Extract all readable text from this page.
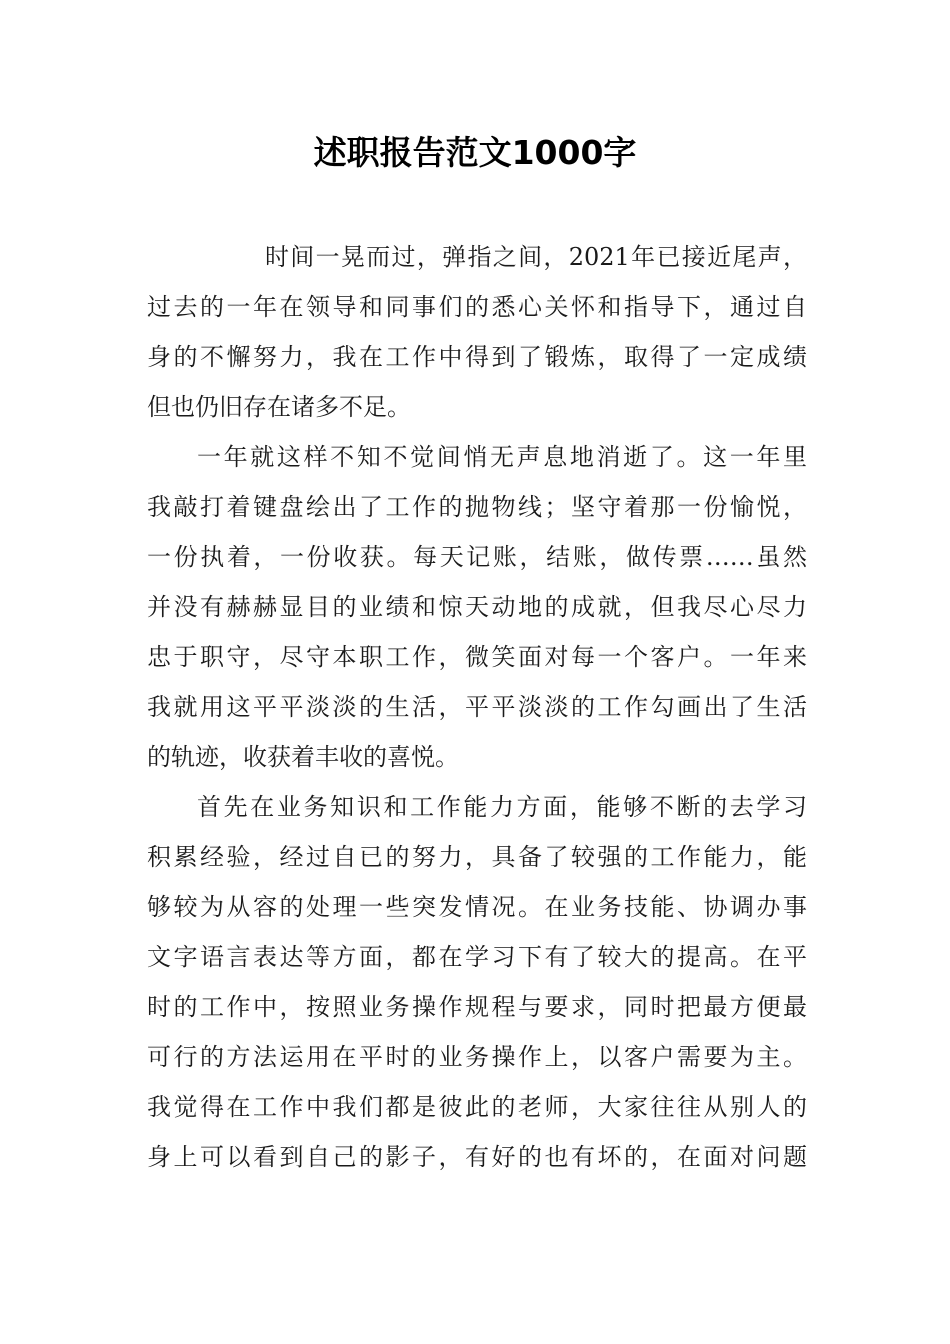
述职报告范文1000字
时间一晃而过，弹指之间，2021年已接近尾声，
过去的一年在领导和同事们的悉心关怀和指导下，通过自
身的不懈努力，我在工作中得到了锻炼，取得了一定成绩
但也仍旧存在诸多不足。
一年就这样不知不觉间悄无声息地消逝了。这一年里
我敲打着键盘绘出了工作的抛物线；坚守着那一份愉悦，
一份执着，一份收获。每天记账，结账，做传票……虽然
并没有赫赫显目的业绩和惊天动地的成就，但我尽心尽力
忠于职守，尽守本职工作，微笑面对每一个客户。一年来
我就用这平平淡淡的生活，平平淡淡的工作勾画出了生活
的轨迹，收获着丰收的喜悦。
首先在业务知识和工作能力方面，能够不断的去学习
积累经验，经过自已的努力，具备了较强的工作能力，能
够较为从容的处理一些突发情况。在业务技能、协调办事
文字语言表达等方面，都在学习下有了较大的提高。在平
时的工作中，按照业务操作规程与要求，同时把最方便最
可行的方法运用在平时的业务操作上，以客户需要为主。
我觉得在工作中我们都是彼此的老师，大家往往从别人的
身上可以看到自己的影子，有好的也有坏的，在面对问题
